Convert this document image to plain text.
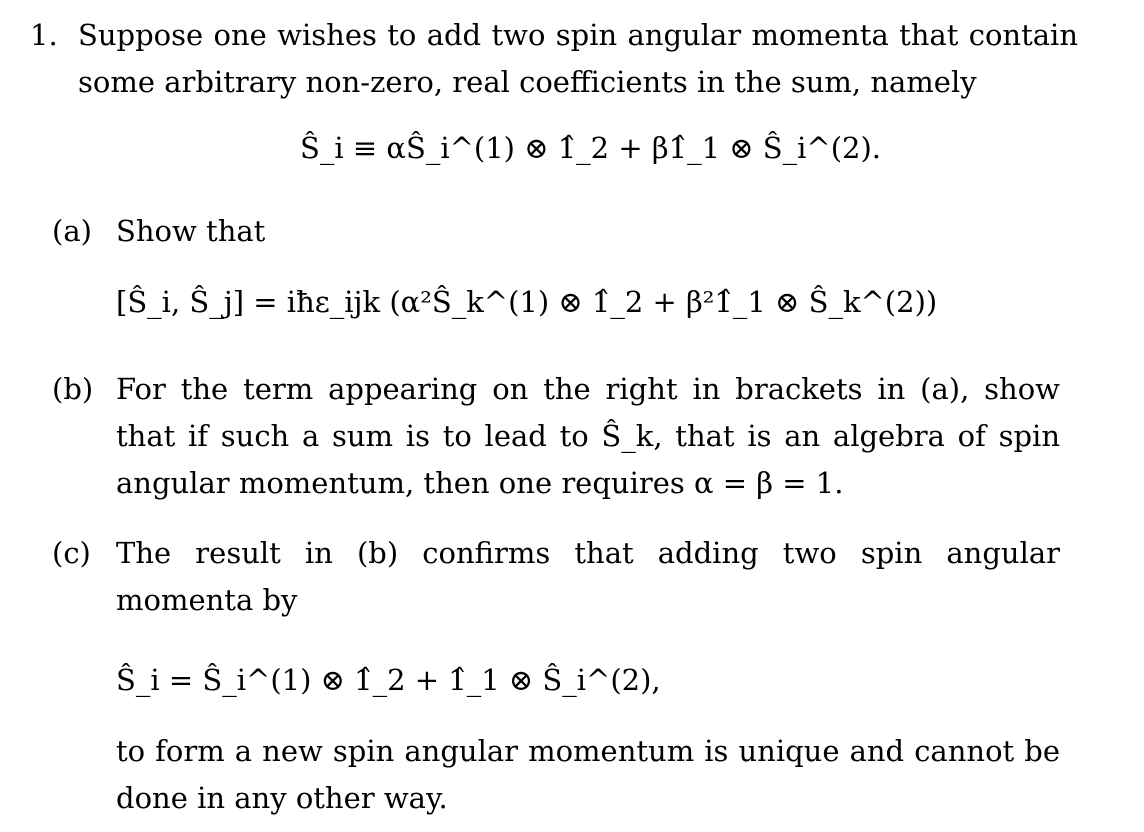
1. Suppose one wishes to add two spin angular momenta that contain some arbitrary non-zero, real coefficients in the sum, namely
Ŝ_i ≡ αŜ_i^(1) ⊗ 1̂_2 + β1̂_1 ⊗ Ŝ_i^(2).
(a) Show that
[Ŝ_i, Ŝ_j] = iħε_ijk (α²Ŝ_k^(1) ⊗ 1̂_2 + β²1̂_1 ⊗ Ŝ_k^(2))
(b) For the term appearing on the right in brackets in (a), show that if such a sum is to lead to Ŝ_k, that is an algebra of spin angular momentum, then one requires α = β = 1.
(c) The result in (b) confirms that adding two spin angular momenta by
Ŝ_i = Ŝ_i^(1) ⊗ 1̂_2 + 1̂_1 ⊗ Ŝ_i^(2),
to form a new spin angular momentum is unique and cannot be done in any other way.
